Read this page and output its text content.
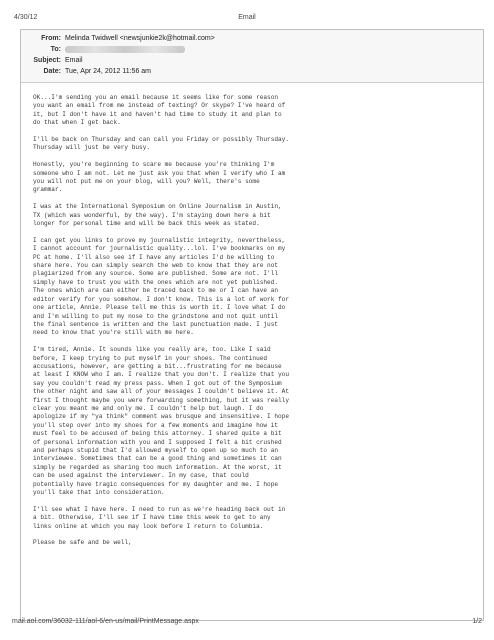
4/30/12	Email
From: Melinda Twidwell <newsjunkie2k@hotmail.com>
To:
Subject: Email
Date: Tue, Apr 24, 2012 11:56 am

OK...I'm sending you an email because it seems like for some reason
you want an email from me instead of texting? Or skype? I've heard of
it, but I don't have it and haven't had time to study it and plan to
do that when I get back.

I'll be back on Thursday and can call you Friday or possibly Thursday.
Thursday will just be very busy.

Honestly, you're beginning to scare me because you're thinking I'm
someone who I am not. Let me just ask you that when I verify who I am
you will not put me on your blog, will you? Well, there's some
grammar.

I was at the International Symposium on Online Journalism in Austin,
TX (which was wonderful, by the way). I'm staying down here a bit
longer for personal time and will be back this week as stated.

I can get you links to prove my journalistic integrity, nevertheless,
I cannot account for journalistic quality...lol. I've bookmarks on my
PC at home. I'll also see if I have any articles I'd be willing to
share here. You can simply search the web to know that they are not
plagiarized from any source. Some are published. Some are not. I'll
simply have to trust you with the ones which are not yet published.
The ones which are can either be traced back to me or I can have an
editor verify for you somehow. I don't know. This is a lot of work for
one article, Annie. Please tell me this is worth it. I love what I do
and I'm willing to put my nose to the grindstone and not quit until
the final sentence is written and the last punctuation made. I just
need to know that you're still with me here.

I'm tired, Annie. It sounds like you really are, too. Like I said
before, I keep trying to put myself in your shoes. The continued
accusations, however, are getting a bit...frustrating for me because
at least I KNOW who I am. I realize that you don't. I realize that you
say you couldn't read my press pass. When I got out of the Symposium
the other night and saw all of your messages I couldn't believe it. At
first I thought maybe you were forwarding something, but it was really
clear you meant me and only me. I couldn't help but laugh. I do
apologize if my "ya think" comment was brusque and insensitive. I hope
you'll step over into my shoes for a few moments and imagine how it
must feel to be accused of being this attorney. I shared quite a bit
of personal information with you and I supposed I felt a bit crushed
and perhaps stupid that I'd allowed myself to open up so much to an
interviewee. Sometimes that can be a good thing and sometimes it can
simply be regarded as sharing too much information. At the worst, it
can be used against the interviewer. In my case, that could
potentially have tragic consequences for my daughter and me. I hope
you'll take that into consideration.

I'll see what I have here. I need to run as we're heading back out in
a bit. Otherwise, I'll see if I have time this week to get to any
links online at which you may look before I return to Columbia.

Please be safe and be well,

mail.aol.com/36032-111/aol-6/en-us/mail/PrintMessage.aspx	1/2
